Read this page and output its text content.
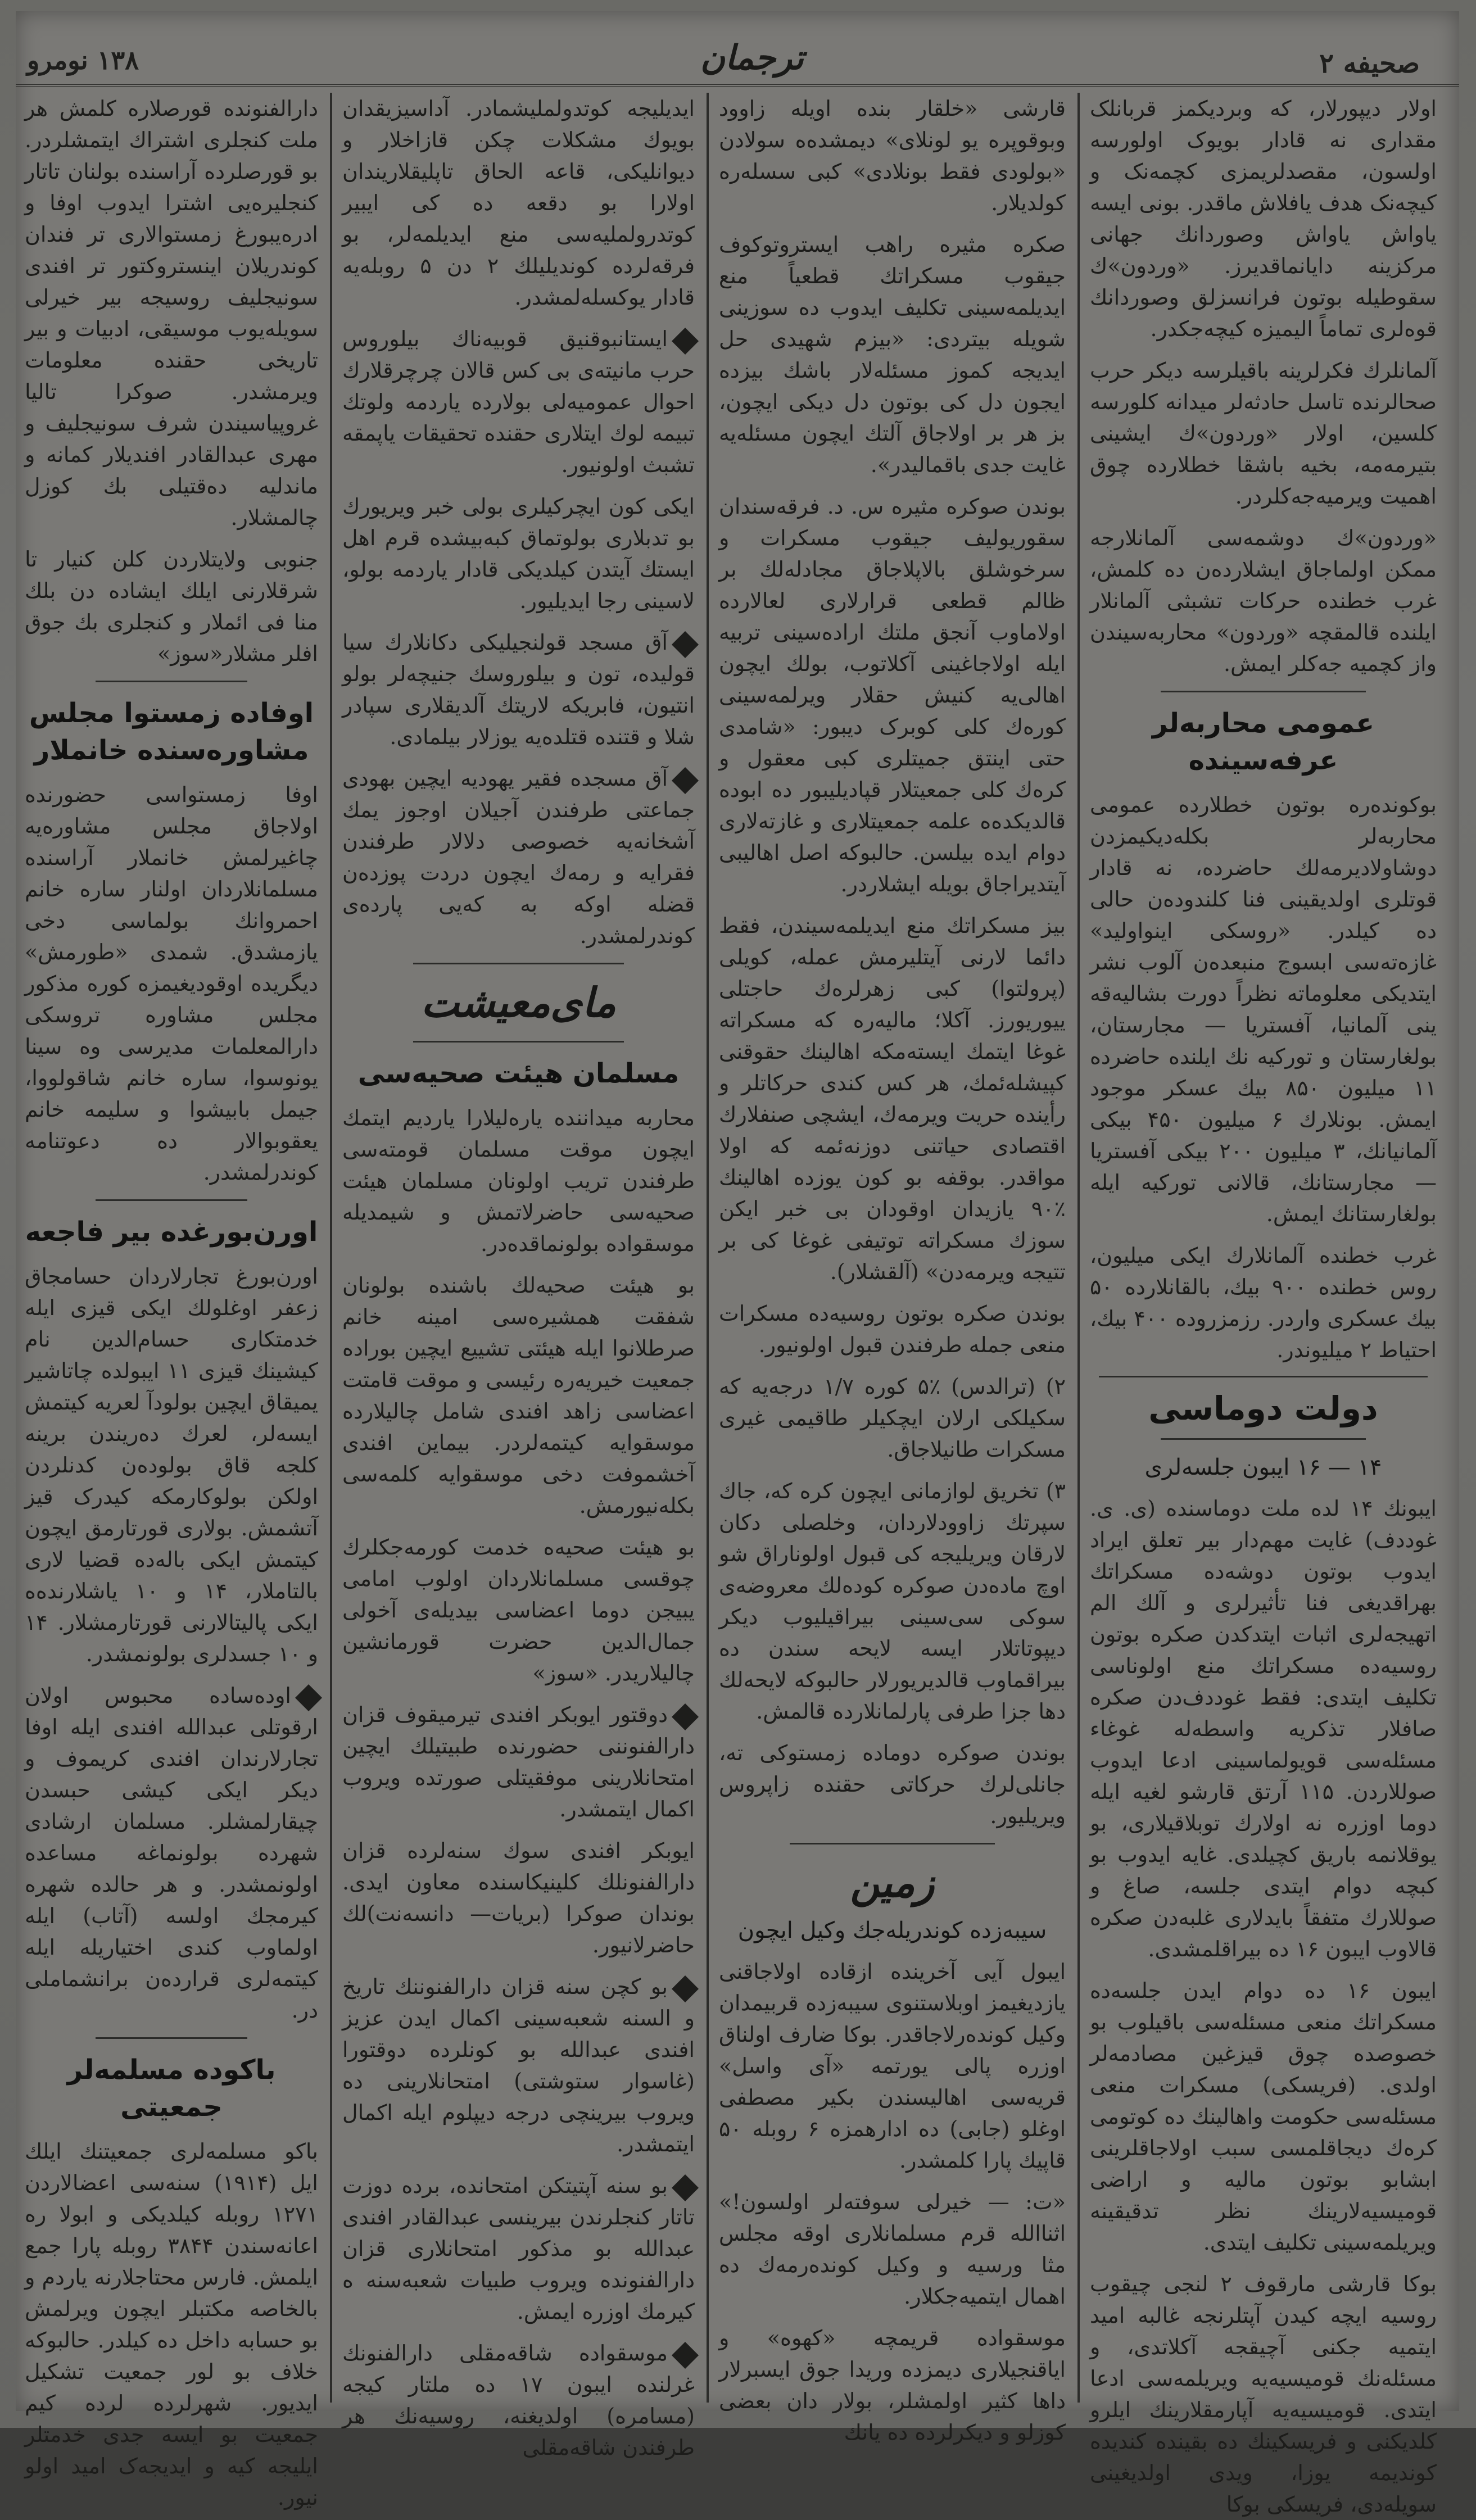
صحیفه ۲
ترجمان
۱۳۸ نومرو

اولار دیپورلار، که وبردیکمز قربانلک مقداری نه قادار بویوک اولورسه اولسون، مقصدلریمزی کچمه‌نک و کیچه‌نک هدف یافلاش ماقدر. بونی ایسه یاواش یاواش وصوردانك جهانی مرکزینه دایانماقدیرز. «وردون»ك سقوطیله بوتون فرانسزلق وصوردانك قوه‌لری تماماً الیمیزه کیچه‌جکدر.

آلمانلرك فکرلرینه باقیلرسه دیکر حرب صحالرنده تاسل حادثه‌لر میدانه کلورسه کلسین، اولار «وردون»ك ایشینی بتیرمه‌مه، بخیه باشقا خطلارده چوق اهمیت ویرمیه‌جه‌کلردر.

«وردون»ك دوشمه‌سی آلمانلارجه ممکن اولماجاق ایشلارده‌ن ده کلمش، غرب خطنده حرکات تشبثی آلمانلار ایلنده قالمقچه «وردون» محاربه‌سیندن واز کچمیه جه‌کلر ایمش.

عمومی محاربه‌لر عرفه‌سینده

بوکونده‌ره بوتون خطلارده عمومی محاربه‌لر بکله‌دیکیمزدن دوشاولادیرمه‌لك حاضرده، نه قادار قوتلری اولدیقینی فنا کلندوده‌ن حالی ده کیلدر. «روسکی اینواولید» غازه‌ته‌سی ابسوج منبعده‌ن آلوب نشر ایتدیکی معلوماته نظراً دورت بشالیه‌قه ینی آلمانیا، آفستریا — مجارستان، بولغارستان و تورکیه نك ایلنده حاضرده ۱۱ میلیون ۸۵۰ بیك عسکر موجود ایمش. بونلارك ۶ میلیون ۴۵۰ بیکی آلمانیانك، ۳ میلیون ۲۰۰ بیکی آفستریا — مجارستانك، قالانی تورکیه ایله بولغارستانك ایمش.

غرب خطنده آلمانلارك ایکی میلیون، روس خطنده ۹۰۰ بیك، بالقانلارده ۵۰ بیك عسکری واردر. رزمزروده ۴۰۰ بیك، احتیاط ۲ میلیوندر.

دولت دوماسی
۱۴ — ۱۶ ایبون جلسه‌لری

ایبونك ۱۴ لده ملت دوماسنده (ی. ی. غوددف) غایت مهم‌دار بیر تعلق ایراد ایدوب بوتون دوشه‌ده مسکراتك بهراقدیغی فنا تأثیرلری و آلك الم اتهیجه‌لری اثبات ایتدکدن صکره بوتون روسیه‌ده مسکراتك منع اولوناسی تکلیف ایتدی: فقط غوددف‌دن صکره صافلار تذکریه واسطه‌له غوغاء مسئله‌سی قویولماسینی ادعا ایدوب صوللاردن. ۱۱۵ آرتق قارشو لغیه ایله دوما اوزره نه اولارك توبلاقیلاری، بو یوقلانمه باریق کچیلدی. غایه ایدوب بو کبچه دوام ایتدی جلسه، صاغ و صوللارك متفقاً بایدلاری غلبه‌دن صکره قالاوب ایبون ۱۶ ده بیراقلمشدی.

ایبون ۱۶ ده دوام ایدن جلسه‌ده مسکراتك منعی مسئله‌سی باقیلوب بو خصوصده چوق قیزغین مصادمه‌لر اولدی. (فریسکی) مسکرات منعی مسئله‌سی حکومت واهالینك ده کوتومی کره‌ك دیجاقلمسی سبب اولاجاقلرینی ابشابو بوتون مالیه و اراضی قومیسیه‌لارینك نظر تدقیقینه ویریلمه‌سینی تکلیف ایتدی.

بوکا قارشی مارقوف ۲ لنجی چیقوب روسیه ایچه کیدن آپتلرنجه غالبه امید ایتمیه جکنی آچیقجه آکلاتدی، و مسئله‌نك قومیسیه‌یه ویریلمه‌سی ادعا ایتدی. قومیسیه‌یه آپارمقلارینك ایلرو کلدیکنی و فریسکینك ده بقینده کندیده کوندیمه یوزا، ویدی اولدیغینی سویله‌دی، فریسکی بوکا

قارشی «خلقار بنده اویله زاوود وبوقوپره یو لونلای» دیمشده‌ه سولادن «بولودی فقط بونلادی» کبی سسله‌ره کولدیلار.

صکره مثیره راهب ایستروتوکوف جیقوب مسکراتك قطعیاً منع ایدیلمه‌سینی تکلیف ایدوب ده سوزینی شویله بیتردی: «بیزم شهیدی حل ایدیجه کموز مسئله‌لار باشك بیزده ایجون دل کی بوتون دل دیکی ایچون، بز هر بر اولاجاق آلتك ایچون مسئله‌یه غایت جدی باقمالیدر».

بوندن صوکره مثیره س. د. فرقه‌سندان سقوریولیف جیقوب مسکرات و سرخوشلق بالاپلاجاق مجادله‌لك بر ظالم قطعی قرارلاری لعالارده اولاماوب آنجق ملتك اراده‌سینی تربیه ایله اولاجاغینی آکلاتوب، بولك ایچون اهالی‌یه کنیش حقلار ویرلمه‌سینی کوره‌ك کلی کوبرک دیبور: «شامدی حتی اینتق جمیتلری کبی معقول و کره‌ك کلی جمعیتلار قپادیلیبور ده ابوده قالدیکده‌ه علمه جمعیتلاری و غازته‌لاری دوام ایده بیلسن. حالبوکه اصل اهالیبی آیتدیراجاق بویله ایشلاردر.

بیز مسکراتك منع ایدیلمه‌سیندن، فقط دائما لارنی آیتلیرمش عمله، کویلی (پرولتوا) کبی زهرلره‌ك حاجتلی ییوریورز. آکلا؛ مالیه‌ره که مسکراته غوغا ایتمك ایسته‌مکه اهالینك حقوقنی کپیشله‌ئمك، هر کس کندی حرکاتلر و رأینده حریت ویرمه‌ك، ایشچی صنفلارك اقتصادی حیاتنی دوزنه‌ئمه که اولا مواقدر. بوقفه بو کون یوزده اهالینك ٪۹۰ یازیدان اوقودان بی خبر ایکن سوزك مسکراته توتیفی غوغا کی بر تتیجه ویرمه‌دن» (آلقشلار).

بوندن صکره بوتون روسیه‌ده مسکرات منعی جمله طرفندن قبول اولونیور.

۲) (ترالدس) ٪۵ کوره ۱/۷ درجه‌یه که سکیلکی ارلان ایچکیلر طاقیمی غیری مسکرات طانیلاجاق.

۳) تخریق لوازمانی ایچون کره که، جاك سپرتك زاوودلاردان، وخلصلی دکان لارقان ویریلیجه کی قبول اولوناراق شو اوچ ماده‌دن صوکره کوده‌لك معروضه‌ی سوکی سی‌سینی بیراقیلیوب دیکر دیپوتاتلار ایسه لایحه سندن ده بیراقماوب قالدیریورلار حالبوکه لایحه‌لك دها جزا طرفی پارلمانلارده قالمش.

بوندن صوکره دوماده زمستوکی ته، جانلی‌لرك حرکاتی حقنده زاپروس ویریلیور.

زمین
سیبه‌زده کوندریله‌جك وکیل ایچون

ایبول آیی آخرینده ازقاده اولاجاقنی یازدیغیمز اوبلاستنوی سیبه‌زده قربیمدان وکیل کونده‌رلاجاقدر. بوکا ضارف اولناق اوزره پالی یورتمه «آی واسل» قریه‌سی اهالیسندن بکیر مصطفی اوغلو (جابی) ده ادارهمزه ۶ روبله ۵۰ قاپیك پارا کلمشدر.

«ت: — خیرلی سوفته‌لر اولسون!» اثناالله قرم مسلمانلاری اوقه مجلس مثا ورسیه و وکیل کونده‌رمه‌ك ده اهمال ایتمیه‌جکلار.

موسقواده قریمچه «کهوه»‌ و ایاقنجیلاری دیمزده وریدا جوق ایسبرلار داها کثیر اولمشلر، بولار دان بعضی کوزلو و دیکرلرده ده یانك

ایدیلیجه کوتدولملیشمادر. آداسیزیقدان بویوك مشکلات چکن قازاخلار و دیوانلیکی، قاعه الحاق تاپلیقلاریندان اولارا بو دقعه ده کی ایبیر کوتدرولملیه‌سی منع ایدیلمه‌لر، بو فرقه‌لرده کوندیلیلك ۲ دن ۵ روبله‌یه قادار یوکسله‌لمشدر.

ایستانبوقنیق قوبیه‌ناك بیلوروس حرب مانیته‌ی بی کس قالان چرچرقلارك احوال عمومیه‌لی بولارده یاردمه ولوتك تبیمه لوك ایتلاری حقنده تحقیقات یاپمقه تشبث اولونیور.

ایکی کون ایچرکیلری بولی خبر ویریورك بو تدبلاری بولوتماق کبه‌بیشده قرم اهل ایستك آیتدن کیلدیکی قادار یاردمه بولو، لاسینی رجا ایدیلیور.

آق مسجد قولنجیلیکی دکانلارك سیا قولیده، تون و بیلوروسك جنیچه‌لر بولو انتیون، فابریکه لاریتك آلدیقلاری سپادر شلا و قتنده قتلده‌یه یوز‌لار بیلمادی.

آق مسجده فقیر یهودیه ایچین بهودی جماعتی طرفندن آجیلان اوجوز یمك آشخانه‌یه خصوصی دلالار طرفندن فقرایه و رمه‌ك ایچون دردت پوزده‌ن قضله اوکه به که‌یی پارده‌ی کوندرلمشدر.

ما‌ی‌معیشت
مسلمان هیئت صحیه‌سی

محاربه میداننده یاره‌لیلارا یاردیم ایتمك ایچون موقت مسلمان قومته‌سی طرفندن تریب اولونان مسلمان هیئت صحیه‌سی حاضرلاتمش و شیمدیله موسقواده بولونماقده‌در.

بو هیئت صحیه‌لك باشنده بولونان شفقت همشیره‌سی امینه خانم صرطلانوا ایله هیئتی تشییع ایچین بوراده جمعیت خیریه‌ره رئیسی و موقت قامتت اعضاسی زاهد افندی شامل چالیلارده موسقوایه کیتمه‌لردر. بیماین افندی آخشموفت دخی موسقوایه کلمه‌سی بکله‌نیورمش.

بو هیئت صحیه‌ه خدمت کورمه‌جکلرك چوقسی مسلمانلاردان اولوب امامی یبیجن دوما اعضاسی بیدیله‌ی آخولی جمال‌الدین حضرت قورمانشین چالیلاریدر. «سوز»

دوقتور ایوبکر افندی تیرمیقوف قزان دارالفنوننی حضورنده طبیتیلك ایچین امتحانلارینی موفقیتلی صورتده ویروب اکمال ایتمشدر.

ایوبکر افندی سوك سنه‌لرده قزان دارالفنونلك کلینیکاسنده معاون ایدی. بوندان صوکرا (بریات— دانسه‌نت)‌لك حاضرلانیور.

بو کچن سنه قزان دارالفنوننك تاریخ و السنه شعبه‌سینی اکمال ایدن عزیز افندی عبدالله بو کونلرده دوقتورا (غاسوار ستوشتی) امتحانلارینی ده ویروب بیرینچی درجه دیپلوم ایله اکمال ایتمشدر.

بو سنه آپتیتکن امتحانده، برده دوزت تاتار کنجلرندن بیرینسی عبدالقادر افندی عبدالله بو مذکور امتحانلاری قزان دارالفنونده ویروب طبیات شعبه‌سنه ه کیرمك اوزره ایمش.

موسقواده شاقه‌مقلی دارالفنونك غرلنده ایبون ۱۷ ده ملتار کیجه (مسامره) اولدیغنه، روسیه‌نك هر طرفندن شاقه‌مقلی

دارالفنونده قورصلاره کلمش هر ملت کنجلری اشتراك ایتمشلردر. بو قورصلرده آراسنده بولنان تاتار کنجلیره‌یی اشترا ایدوب اوفا و ادره‌یبورغ زمستوالاری تر فندان کوندریلان اینستروکتور تر افندی سونیجلیف روسیجه بیر خیرلی سویله‌یوب موسیقی، ادبیات و بیر تاریخی حقنده معلومات ویرمشدر. صوکرا تالیا غروپیاسیندن شرف سونیجلیف و مهری عبدالقادر افندیلار کمانه و ماندلیه ده‌قتیلی بك کوزل چالمشلار.

جنوبی ولایتلاردن کلن کنیار تا شرقلارنی ایلك ایشاده دن بلك منا فی ائملار و کنجلری بك جوق افلر مشلار«سوز»

اوفاده زمستوا مجلس مشاوره‌سنده خانملار

اوفا زمستواسی حضورنده اولاجاق مجلس مشاوره‌یه چاغیرلمش خانملار آراسنده مسلمانلاردان اولنار ساره خانم احمروانك بولماسی دخی یازمشدق. شمدی «طورمش» دیگریده اوقودیغیمزه کوره مذکور مجلس مشاوره تروسکی دارالمعلمات مدیرسی وه سینا یونوسوا، ساره خانم شاقولووا، جیمل بابیشوا و سلیمه‌ خانم یعقوبوا‌لار ده دعوتنامه کوندرلمشدر.

اورن‌بورغده بیر فاجعه

اورن‌بورغ تجارلاردان حسامجاق زعفر اوغلولك ایکی قیزی ایله خدمتکاری حسام‌الدین نام کیشینك قیزی ۱۱ ایبولده چاتاشیر یمیقاق ایچین بولودآ لعریه کیتمش ایسه‌لر، لعرك ده‌ریندن برینه کلجه قاق بولوده‌ن کدنلردن اولکن بولوکارمکه کیدرک قیز آتشمش. بولاری قورتارمق ایچون کیتمش ایکی باله‌ده قضیا لاری بالتاملار، ۱۴ و ۱۰ یاشلارنده‌ه ایکی پالیتالارنی قورتارمشلار. ۱۴ و ۱۰ جسدلری بولونمشدر.

اوده‌ساده محبوس اولان ارقوتلی عبدالله افندی ایله اوفا تجارلارندان افندی کریموف و دیکر ایکی کیشی حبسدن چیقارلمشلر. مسلمان ارشادی شهرده بولونماغه مساعده اولونمشدر. و هر حالده شهره کیرمجك اولسه (آتاب) ایله اولماوب کندی اختیاریله ایله کیتمه‌لری قرارده‌ن برانشماملی در.

باکوده مسلمه‌لر جمعیتی

باکو مسلمه‌لری جمعیتنك ایلك ایل (۱۹۱۴) سنه‌سی اعضالاردن ۱۲۷۱ روبله کیلدیکی و ابولا ره اعانه‌سندن ۳۸۴۴ روبله پارا جمع ایلمش. فارس محتاجلارنه یاردم و بالخاصه مکتبلر ایچون ویرلمش بو حسابه داخل ده کیلدر. حالبوکه خلاف بو لور جمعیت تشکیل ایدیور. شهرلرده لرده کیم جمعیت بو ایسه جدی خدمتلر ایلیجه کیه و ایدیجه‌ک امید اولو نیور.
